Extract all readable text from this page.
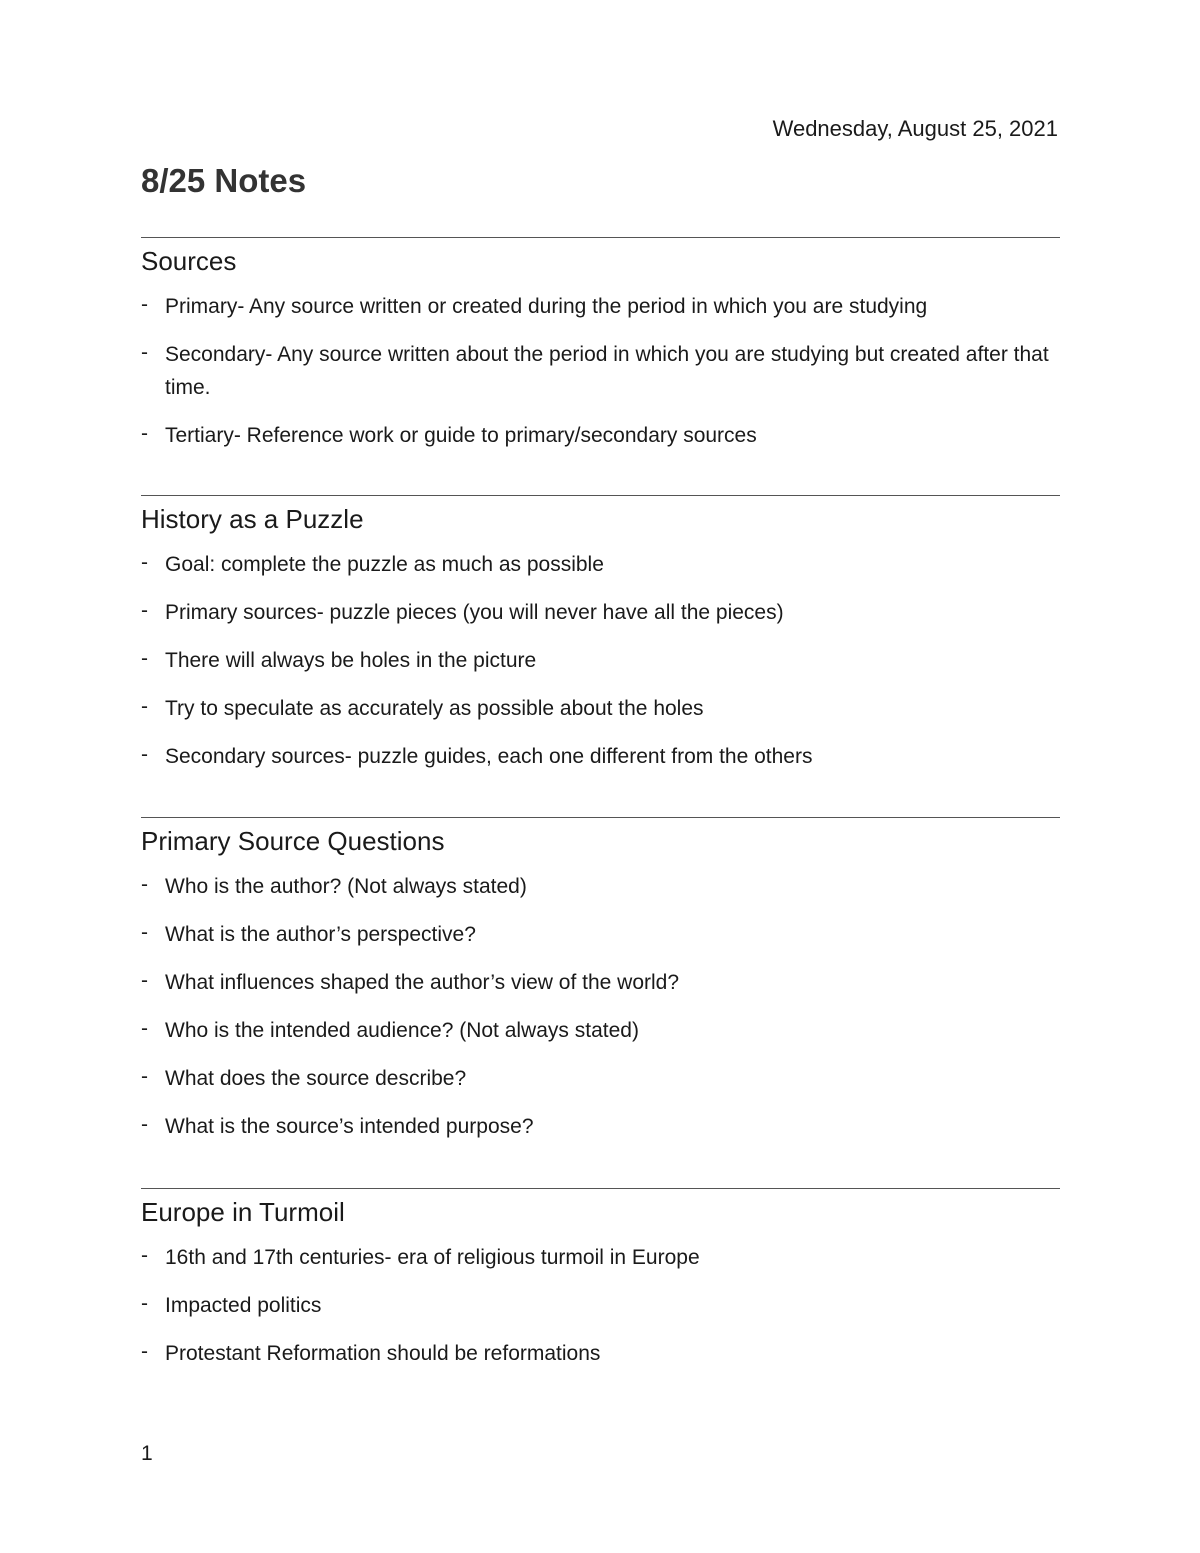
Wednesday, August 25, 2021
8/25 Notes
Sources
- Primary- Any source written or created during the period in which you are studying
- Secondary- Any source written about the period in which you are studying but created after that time.
- Tertiary- Reference work or guide to primary/secondary sources
History as a Puzzle
- Goal: complete the puzzle as much as possible
- Primary sources- puzzle pieces (you will never have all the pieces)
- There will always be holes in the picture
- Try to speculate as accurately as possible about the holes
- Secondary sources- puzzle guides, each one different from the others
Primary Source Questions
- Who is the author? (Not always stated)
- What is the author’s perspective?
- What influences shaped the author’s view of the world?
- Who is the intended audience? (Not always stated)
- What does the source describe?
- What is the source’s intended purpose?
Europe in Turmoil
- 16th and 17th centuries- era of religious turmoil in Europe
- Impacted politics
- Protestant Reformation should be reformations
1
